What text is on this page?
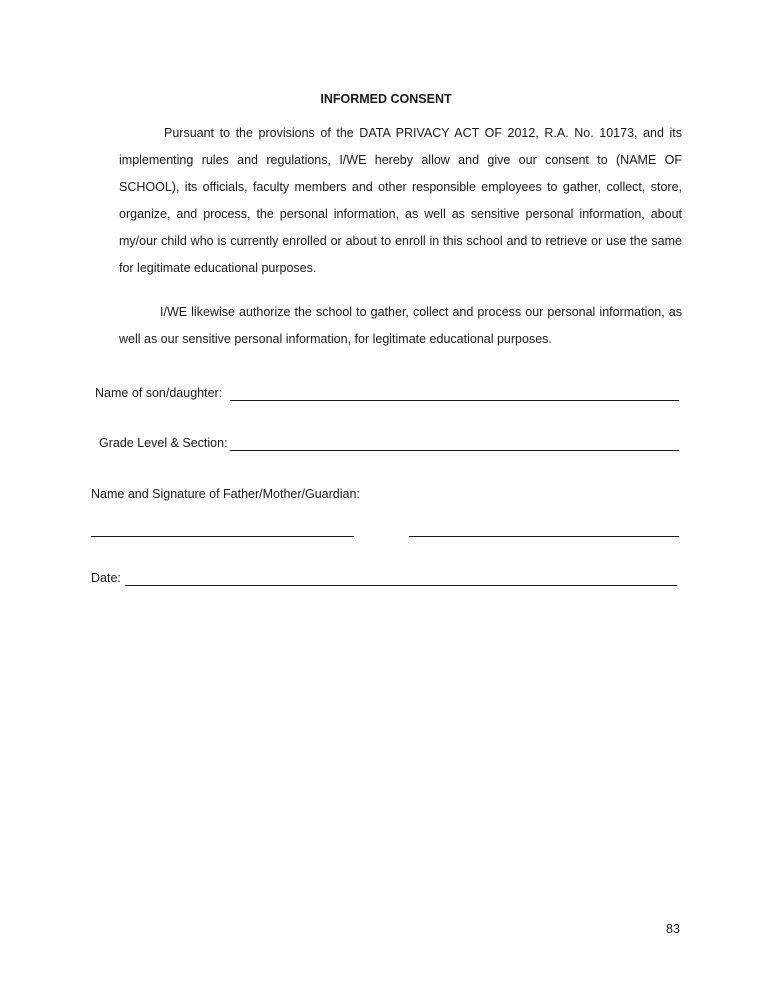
INFORMED CONSENT

Pursuant to the provisions of the DATA PRIVACY ACT OF 2012, R.A. No. 10173, and its implementing rules and regulations, I/WE hereby allow and give our consent to (NAME OF SCHOOL), its officials, faculty members and other responsible employees to gather, collect, store, organize, and process, the personal information, as well as sensitive personal information, about my/our child who is currently enrolled or about to enroll in this school and to retrieve or use the same for legitimate educational purposes.

I/WE likewise authorize the school to gather, collect and process our personal information, as well as our sensitive personal information, for legitimate educational purposes.

Name of son/daughter:
Grade Level & Section:
Name and Signature of Father/Mother/Guardian:
Date:
83
